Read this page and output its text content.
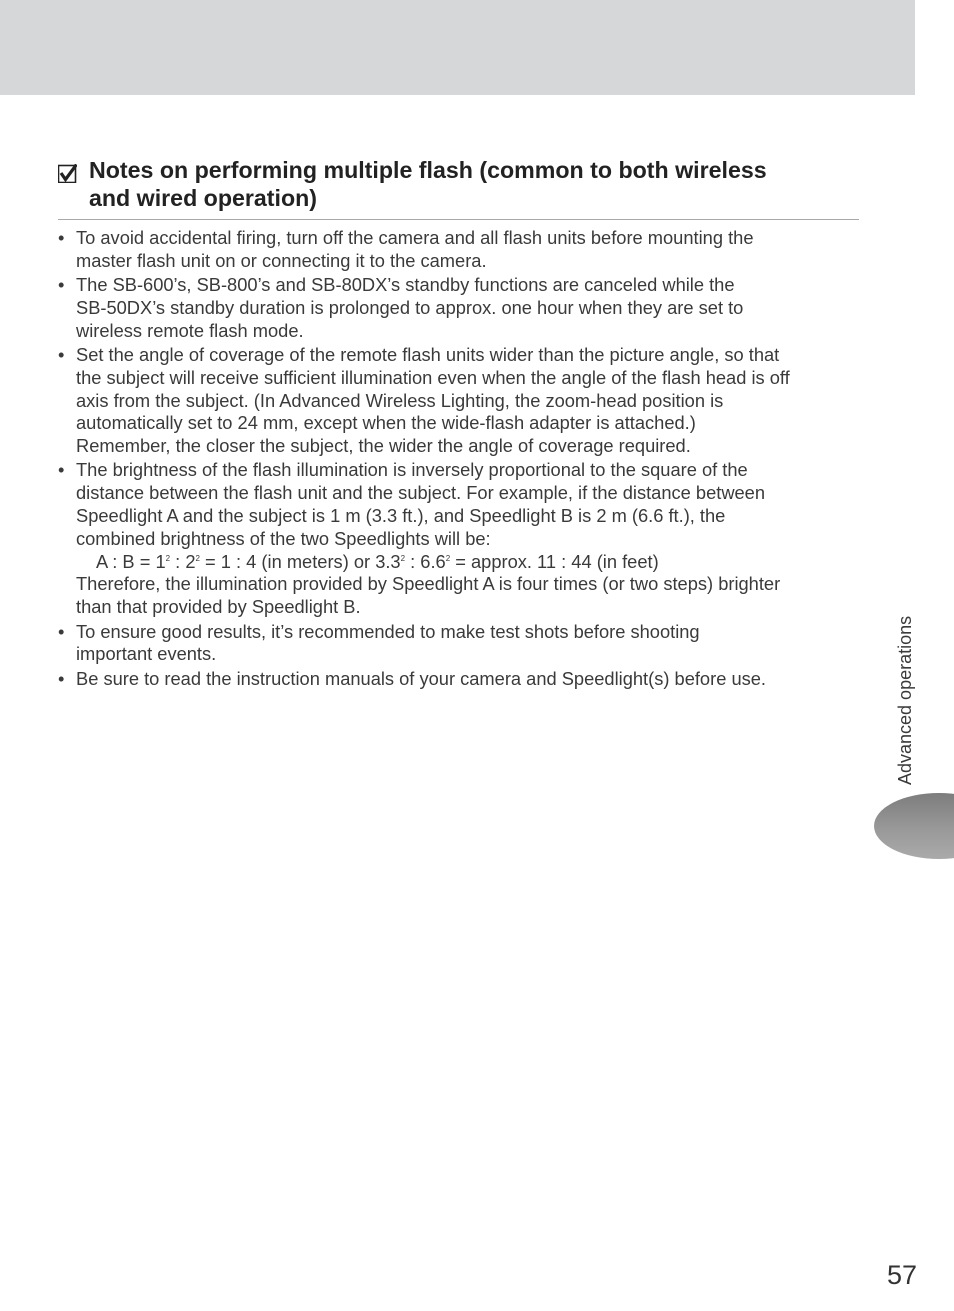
Notes on performing multiple flash (common to both wireless
and wired operation)
• To avoid accidental firing, turn off the camera and all flash units before mounting the
master flash unit on or connecting it to the camera.
• The SB-600’s, SB-800’s and SB-80DX’s standby functions are canceled while the
SB-50DX’s standby duration is prolonged to approx. one hour when they are set to
wireless remote flash mode.
• Set the angle of coverage of the remote flash units wider than the picture angle, so that
the subject will receive sufficient illumination even when the angle of the flash head is off
axis from the subject. (In Advanced Wireless Lighting, the zoom-head position is
automatically set to 24 mm, except when the wide-flash adapter is attached.)
Remember, the closer the subject, the wider the angle of coverage required.
• The brightness of the flash illumination is inversely proportional to the square of the
distance between the flash unit and the subject. For example, if the distance between
Speedlight A and the subject is 1 m (3.3 ft.), and Speedlight B is 2 m (6.6 ft.), the
combined brightness of the two Speedlights will be:
A : $B = 1^2$ : $2^2 = 1$ : 4 (in meters) or $3.3^2$ : $6.6^2$ = approx. 11 : 44 (in feet)
Therefore, the illumination provided by Speedlight A is four times (or two steps) brighter
than that provided by Speedlight B.
• To ensure good results, it’s recommended to make test shots before shooting
important events.
• Be sure to read the instruction manuals of your camera and Speedlight(s) before use.	Advanced operations
57
